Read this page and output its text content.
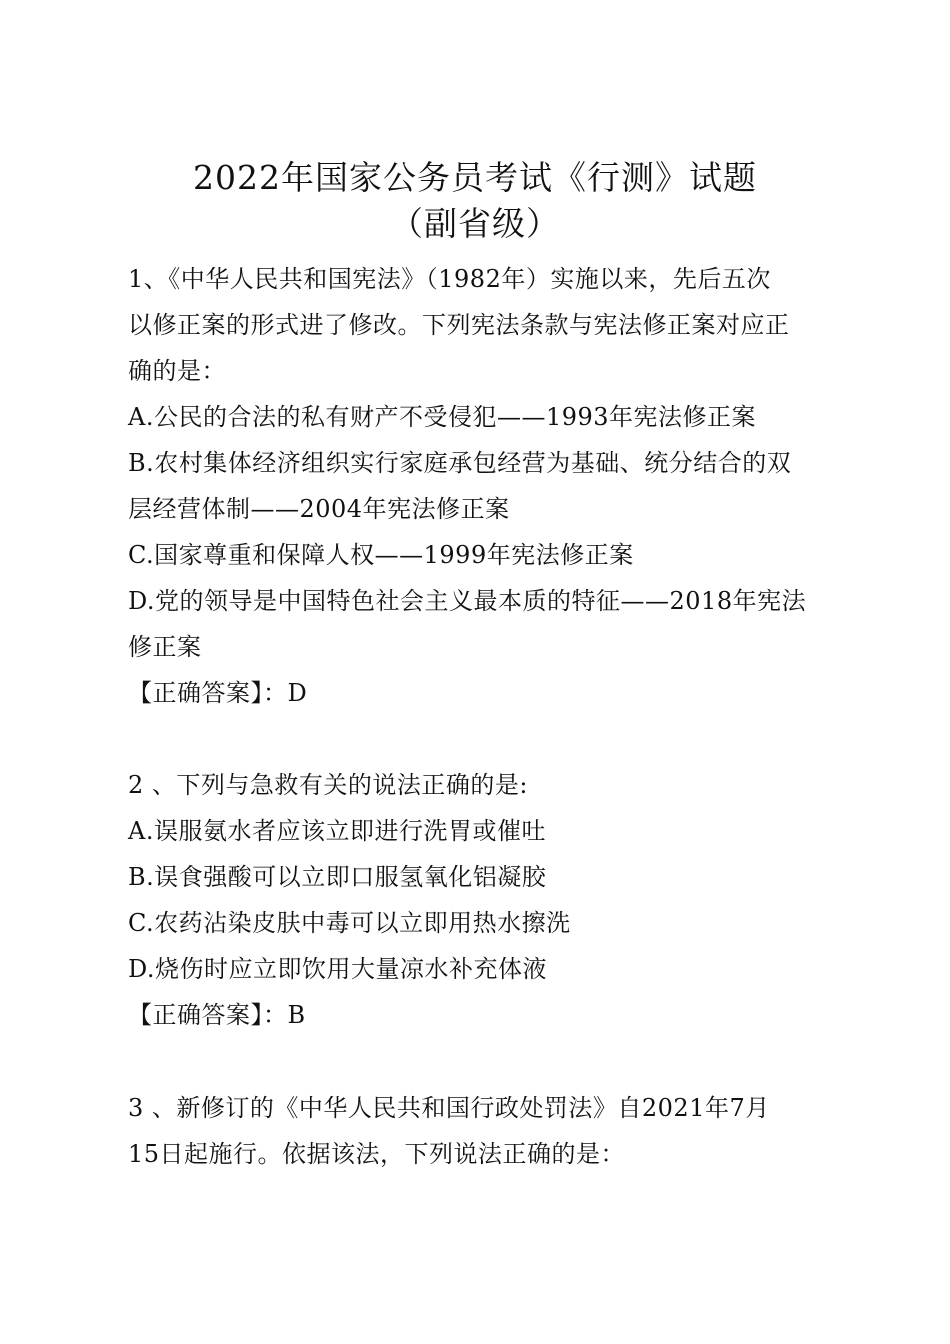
2022年国家公务员考试《行测》试题
（副省级）
1、《中华人民共和国宪法》（1982年）实施以来，先后五次
以修正案的形式进了修改。下列宪法条款与宪法修正案对应正
确的是：
A.公民的合法的私有财产不受侵犯——1993年宪法修正案
B.农村集体经济组织实行家庭承包经营为基础、统分结合的双
层经营体制——2004年宪法修正案
C.国家尊重和保障人权——1999年宪法修正案
D.党的领导是中国特色社会主义最本质的特征——2018年宪法
修正案
【正确答案】：D
2 、下列与急救有关的说法正确的是:
A.误服氨水者应该立即进行洗胃或催吐
B.误食强酸可以立即口服氢氧化铝凝胶
C.农药沾染皮肤中毒可以立即用热水擦洗
D.烧伤时应立即饮用大量凉水补充体液
【正确答案】：B
3 、新修订的《中华人民共和国行政处罚法》自2021年7月
15日起施行。依据该法，下列说法正确的是：
